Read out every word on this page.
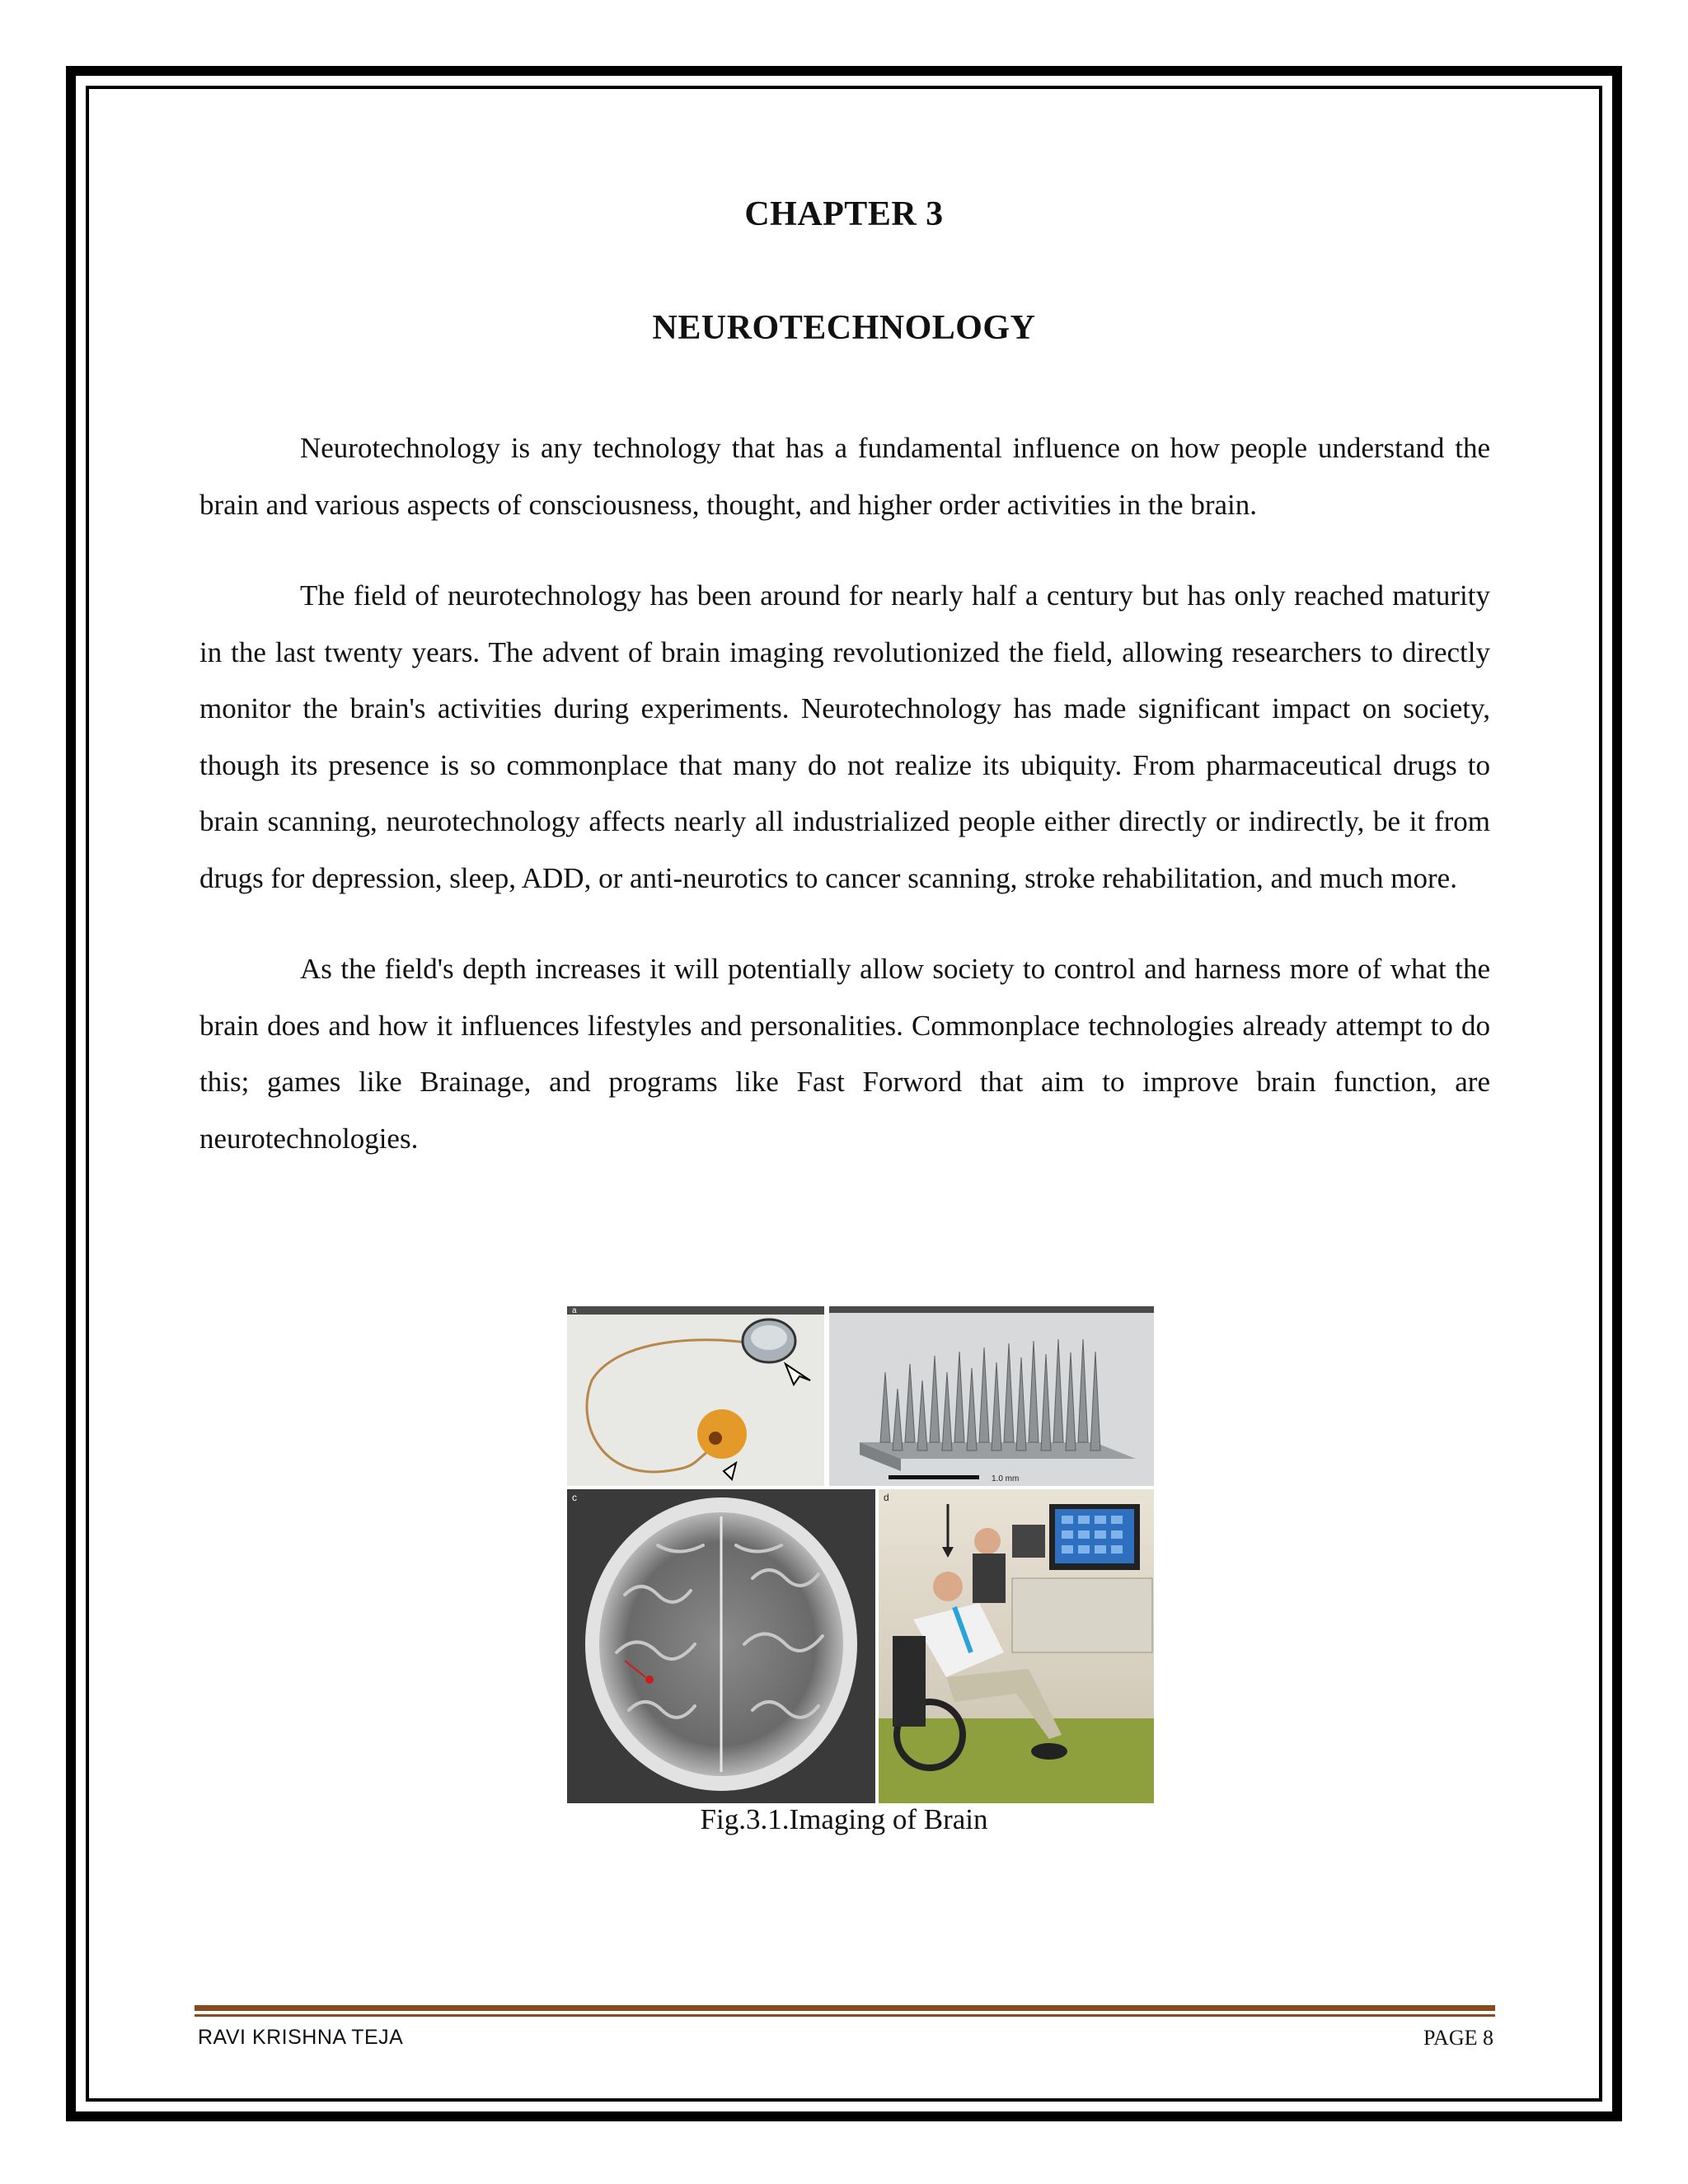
CHAPTER 3
NEUROTECHNOLOGY

Neurotechnology is any technology that has a fundamental influence on how people understand the brain and various aspects of consciousness, thought, and higher order activities in the brain.

The field of neurotechnology has been around for nearly half a century but has only reached maturity in the last twenty years. The advent of brain imaging revolutionized the field, allowing researchers to directly monitor the brain's activities during experiments. Neurotechnology has made significant impact on society, though its presence is so commonplace that many do not realize its ubiquity. From pharmaceutical drugs to brain scanning, neurotechnology affects nearly all industrialized people either directly or indirectly, be it from drugs for depression, sleep, ADD, or anti-neurotics to cancer scanning, stroke rehabilitation, and much more.

As the field's depth increases it will potentially allow society to control and harness more of what the brain does and how it influences lifestyles and personalities. Commonplace technologies already attempt to do this; games like Brainage, and programs like Fast Forword that aim to improve brain function, are neurotechnologies.

a
1.0 mm
c	d
Fig.3.1.Imaging of Brain
RAVI KRISHNA TEJA	PAGE 8
